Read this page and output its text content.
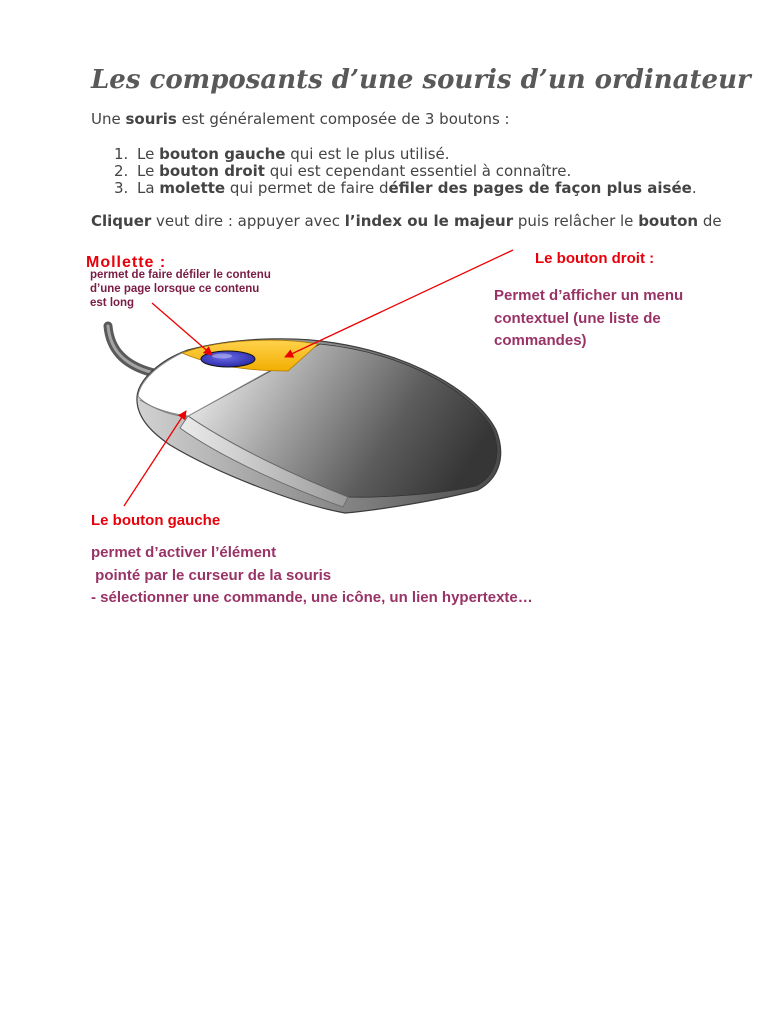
Les composants d’une souris d’un ordinateur

Une souris est généralement composée de 3 boutons :

1. Le bouton gauche qui est le plus utilisé.
2. Le bouton droit qui est cependant essentiel à connaître.
3. La molette qui permet de faire défiler des pages de façon plus aisée.

Cliquer veut dire : appuyer avec l’index ou le majeur puis relâcher le bouton de

Mollette :
permet de faire défiler le contenu
d’une page lorsque ce contenu
est long
Le bouton droit :
Permet d’afficher un menu
contextuel (une liste de
commandes)
Le bouton gauche
permet d’activer l’élément
pointé par le curseur de la souris
- sélectionner une commande, une icône, un lien hypertexte…
